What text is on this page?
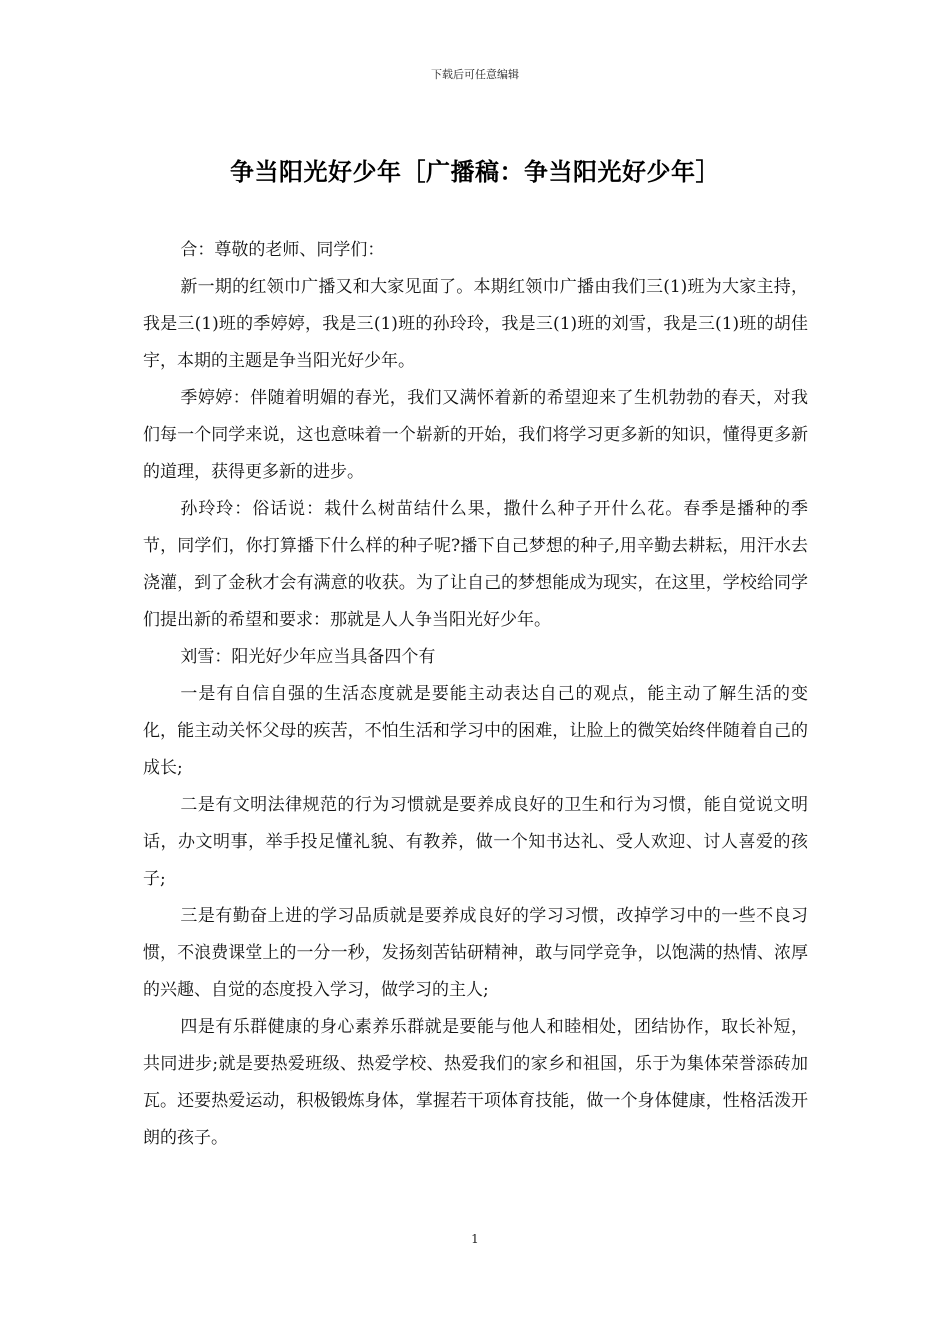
下载后可任意编辑
争当阳光好少年［广播稿：争当阳光好少年］

合：尊敬的老师、同学们：

新一期的红领巾广播又和大家见面了。本期红领巾广播由我们三(1)班为大家主持，我是三(1)班的季婷婷，我是三(1)班的孙玲玲，我是三(1)班的刘雪，我是三(1)班的胡佳宇，本期的主题是争当阳光好少年。

季婷婷：伴随着明媚的春光，我们又满怀着新的希望迎来了生机勃勃的春天，对我们每一个同学来说，这也意味着一个崭新的开始，我们将学习更多新的知识，懂得更多新的道理，获得更多新的进步。

孙玲玲：俗话说：栽什么树苗结什么果，撒什么种子开什么花。春季是播种的季节，同学们，你打算播下什么样的种子呢?播下自己梦想的种子,用辛勤去耕耘，用汗水去浇灌，到了金秋才会有满意的收获。为了让自己的梦想能成为现实，在这里，学校给同学们提出新的希望和要求：那就是人人争当阳光好少年。

刘雪：阳光好少年应当具备四个有

一是有自信自强的生活态度就是要能主动表达自己的观点，能主动了解生活的变化，能主动关怀父母的疾苦，不怕生活和学习中的困难，让脸上的微笑始终伴随着自己的成长;

二是有文明法律规范的行为习惯就是要养成良好的卫生和行为习惯，能自觉说文明话，办文明事，举手投足懂礼貌、有教养，做一个知书达礼、受人欢迎、讨人喜爱的孩子;

三是有勤奋上进的学习品质就是要养成良好的学习习惯，改掉学习中的一些不良习惯，不浪费课堂上的一分一秒，发扬刻苦钻研精神，敢与同学竞争，以饱满的热情、浓厚的兴趣、自觉的态度投入学习，做学习的主人;

四是有乐群健康的身心素养乐群就是要能与他人和睦相处，团结协作，取长补短，共同进步;就是要热爱班级、热爱学校、热爱我们的家乡和祖国，乐于为集体荣誉添砖加瓦。还要热爱运动，积极锻炼身体，掌握若干项体育技能，做一个身体健康，性格活泼开朗的孩子。

1
